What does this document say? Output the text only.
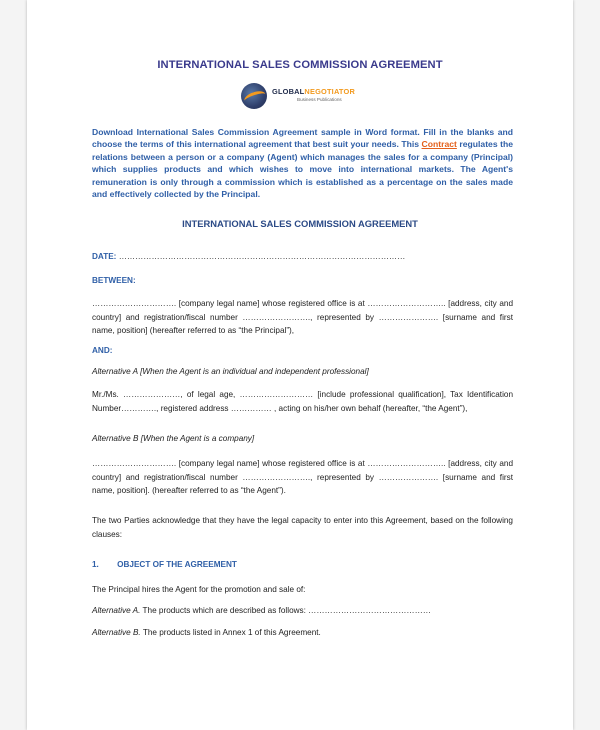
INTERNATIONAL SALES COMMISSION AGREEMENT
GLOBALNEGOTIATOR
Business Publications
Download International Sales Commission Agreement sample in Word format. Fill in the blanks and choose the terms of this international agreement that best suit your needs. This Contract regulates the relations between a person or a company (Agent) which manages the sales for a company (Principal) which supplies products and which wishes to move into international markets. The Agent's remuneration is only through a commission which is established as a percentage on the sales made and effectively collected by the Principal.
INTERNATIONAL SALES COMMISSION AGREEMENT
DATE: ……………………………………………………………………………………………
BETWEEN:
…………………………. [company legal name] whose registered office is at ……………………….. [address, city and country] and registration/fiscal number ……………………., represented by …………………. [surname and first name, position] (hereafter referred to as “the Principal”),
AND:
Alternative A [When the Agent is an individual and independent professional]
Mr./Ms. …………………, of legal age, ……………………… [include professional qualification], Tax Identification Number…………., registered address …………… , acting on his/her own behalf (hereafter, “the Agent”),
Alternative B [When the Agent is a company]
…………………………. [company legal name] whose registered office is at ……………………….. [address, city and country] and registration/fiscal number ……………………., represented by …………………. [surname and first name, position]. (hereafter referred to as “the Agent”).
The two Parties acknowledge that they have the legal capacity to enter into this Agreement, based on the following clauses:
1. OBJECT OF THE AGREEMENT
The Principal hires the Agent for the promotion and sale of:
Alternative A. The products which are described as follows: ………………………………………
Alternative B. The products listed in Annex 1 of this Agreement.
